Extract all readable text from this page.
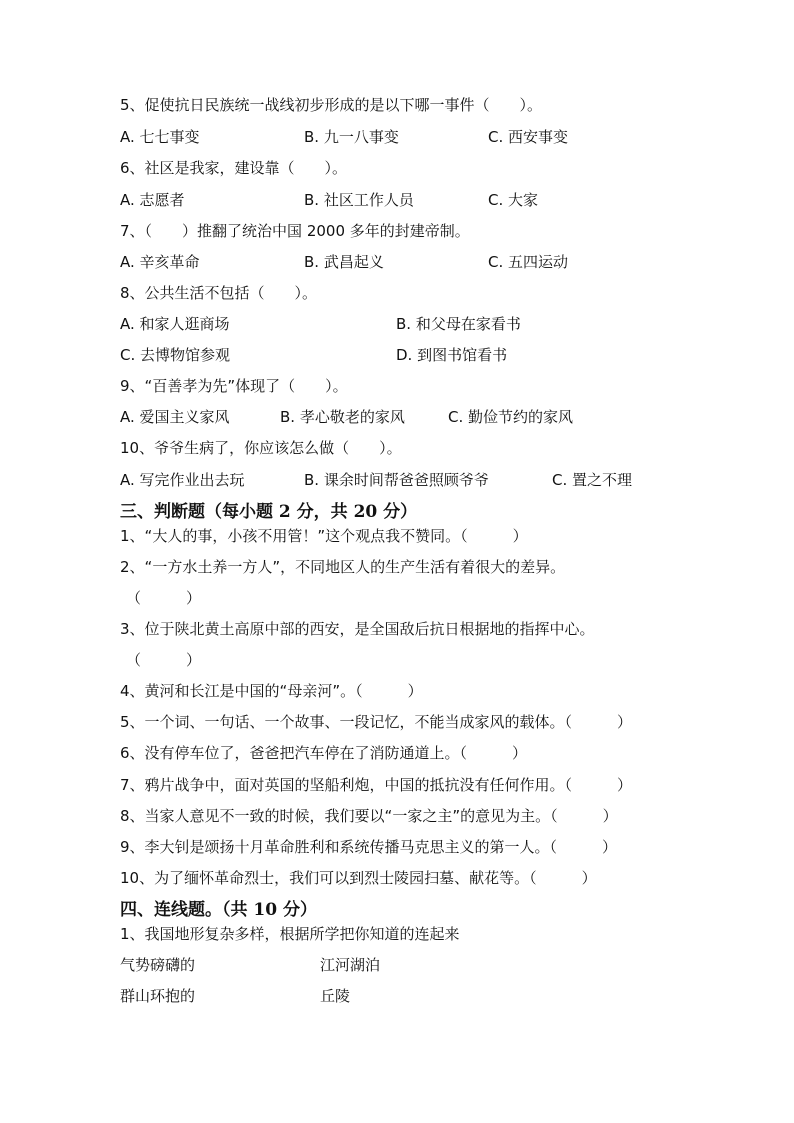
5、促使抗日民族统一战线初步形成的是以下哪一事件（　　）。
A. 七七事变	B. 九一八事变	C. 西安事变
6、社区是我家，建设靠（　　）。
A. 志愿者	B. 社区工作人员	C. 大家
7、（　　）推翻了统治中国 2000 多年的封建帝制。
A. 辛亥革命	B. 武昌起义	C. 五四运动
8、公共生活不包括（　　）。
A. 和家人逛商场	B. 和父母在家看书
C. 去博物馆参观	D. 到图书馆看书
9、“百善孝为先”体现了（　　）。
A. 爱国主义家风	B. 孝心敬老的家风	C. 勤俭节约的家风
10、爷爷生病了，你应该怎么做（　　）。
A. 写完作业出去玩	B. 课余时间帮爸爸照顾爷爷	C. 置之不理
三、判断题（每小题 2 分，共 20 分）
1、“大人的事，小孩不用管！”这个观点我不赞同。（　　　）
2、“一方水土养一方人”，不同地区人的生产生活有着很大的差异。
（　　　）
3、位于陕北黄土高原中部的西安，是全国敌后抗日根据地的指挥中心。
（　　　）
4、黄河和长江是中国的“母亲河”。（　　　）
5、一个词、一句话、一个故事、一段记忆，不能当成家风的载体。（　　　）
6、没有停车位了，爸爸把汽车停在了消防通道上。（　　　）
7、鸦片战争中，面对英国的坚船利炮，中国的抵抗没有任何作用。（　　　）
8、当家人意见不一致的时候，我们要以“一家之主”的意见为主。（　　　）
9、李大钊是颂扬十月革命胜利和系统传播马克思主义的第一人。（　　　）
10、为了缅怀革命烈士，我们可以到烈士陵园扫墓、献花等。（　　　）
四、连线题。（共 10 分）
1、我国地形复杂多样，根据所学把你知道的连起来
气势磅礴的	江河湖泊
群山环抱的	丘陵
